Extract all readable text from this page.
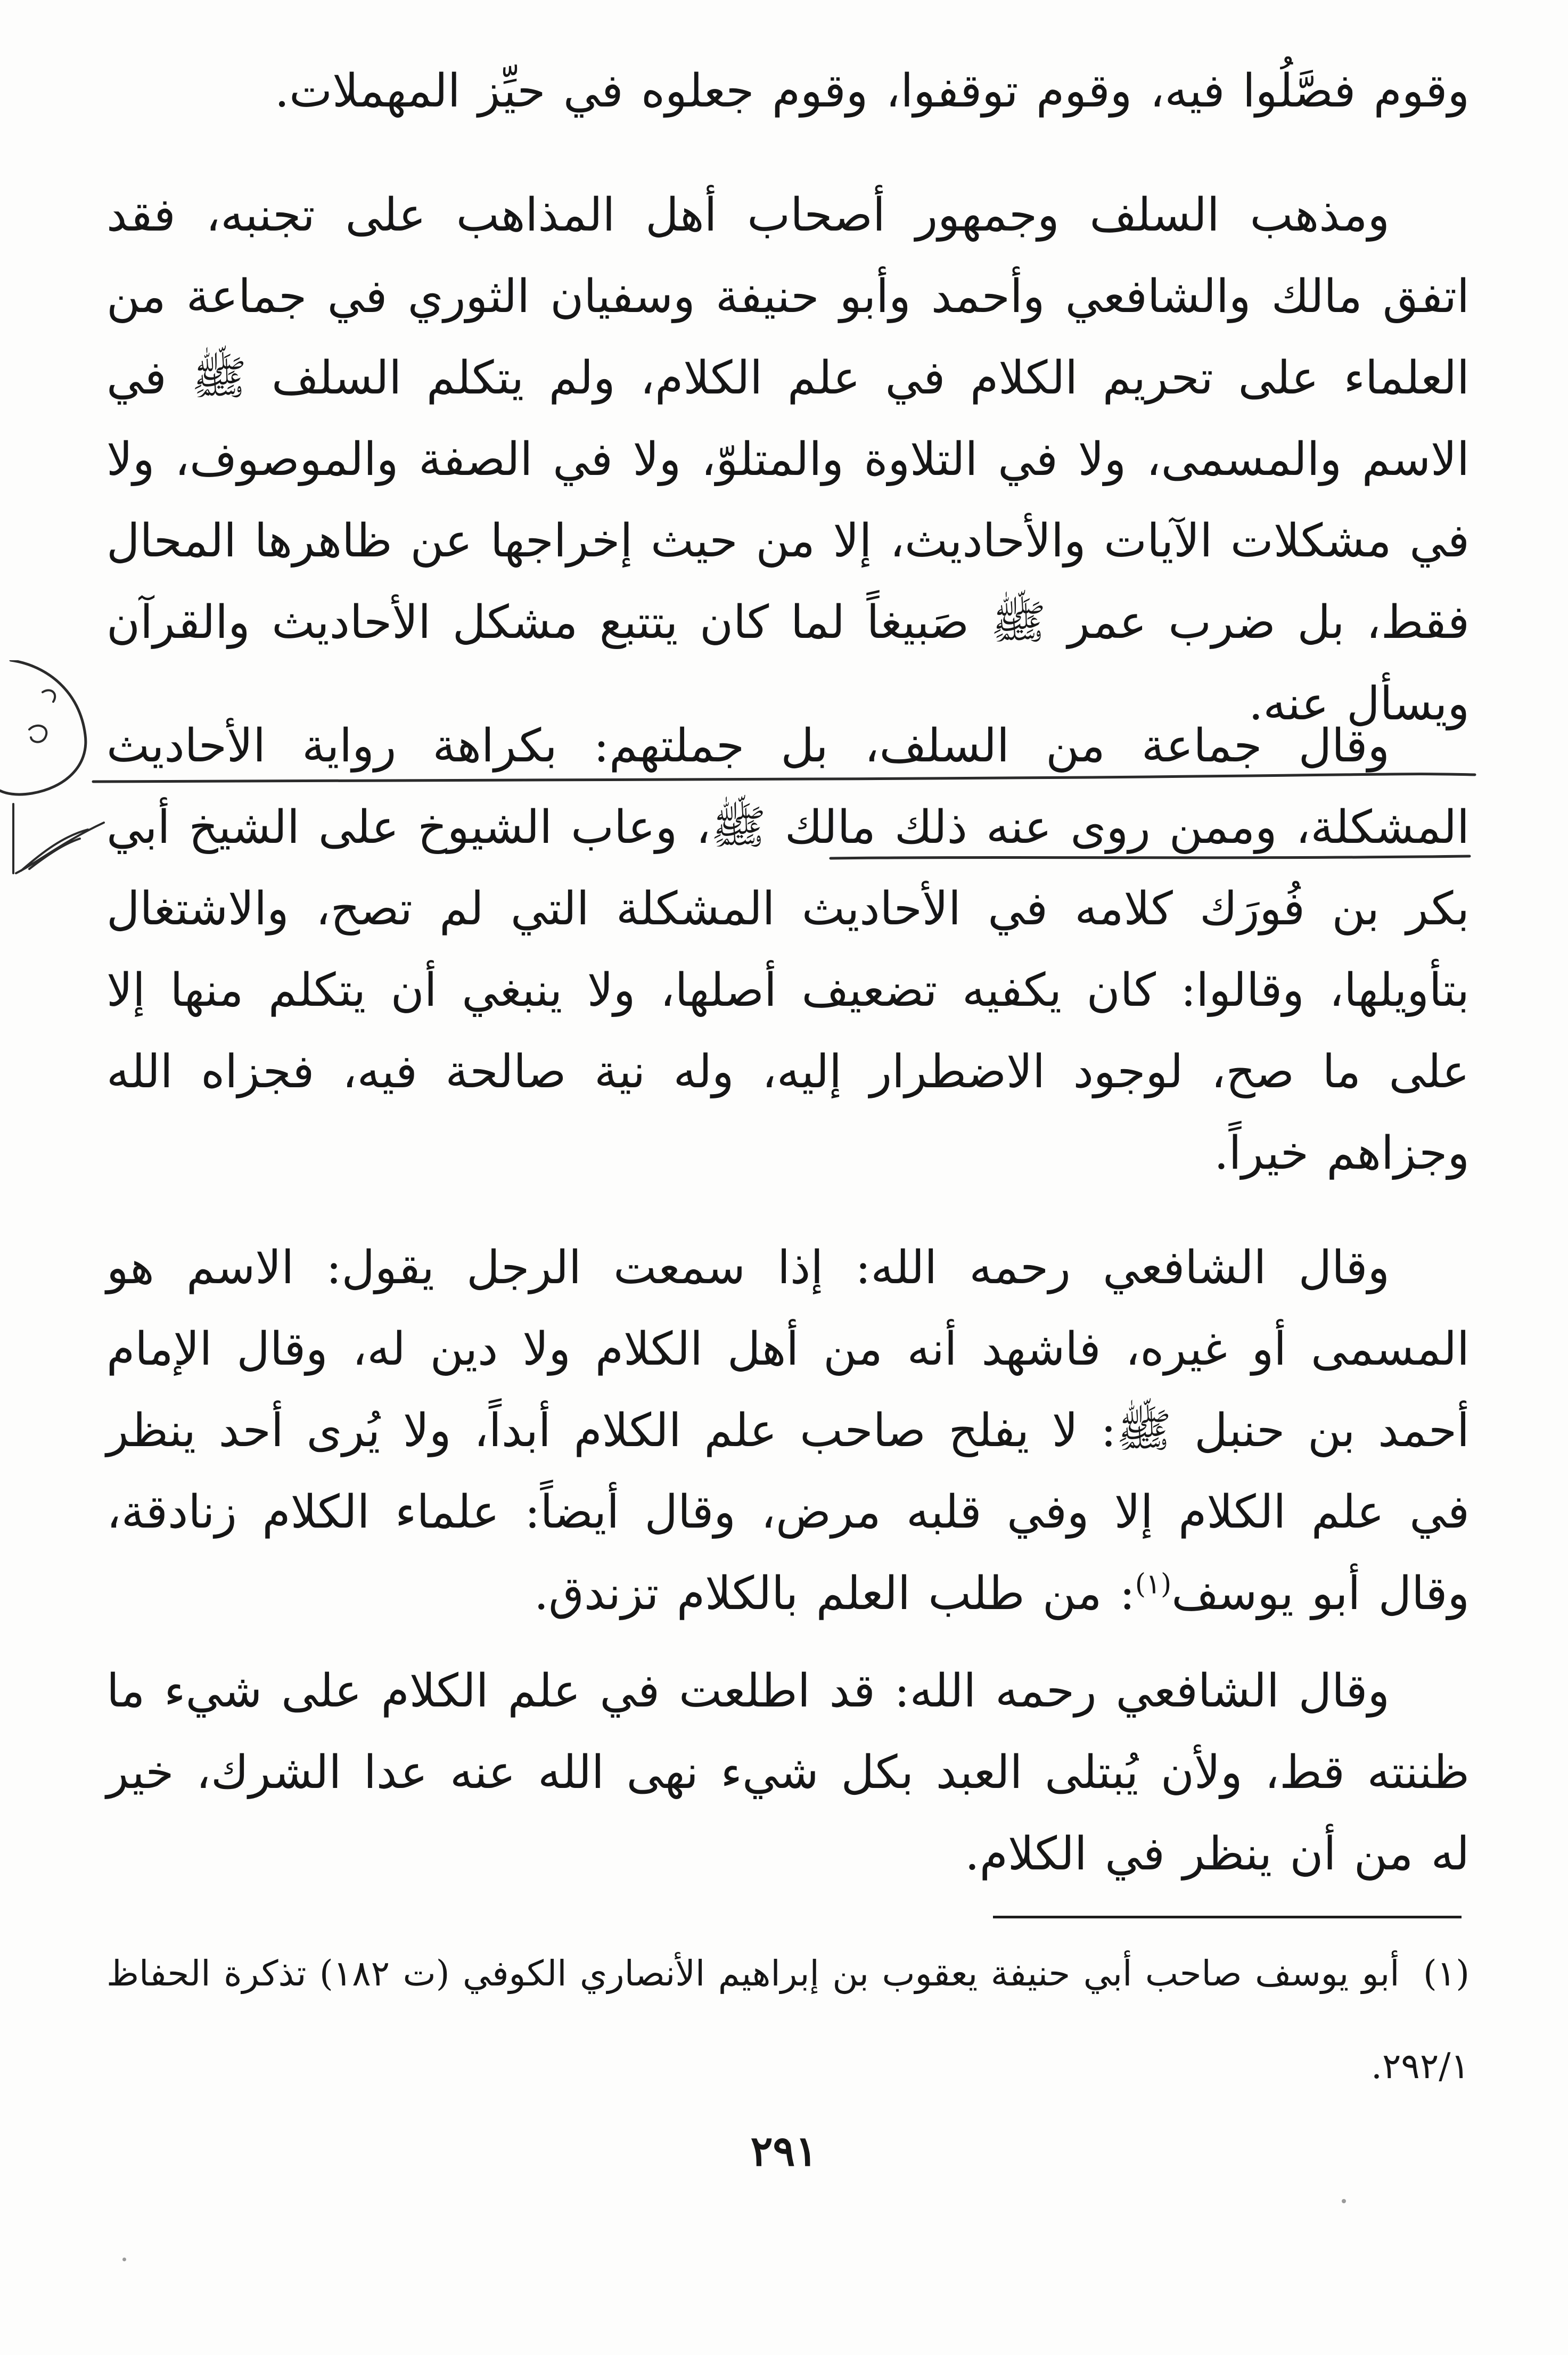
وقوم فصَّلُوا فيه، وقوم توقفوا، وقوم جعلوه في حيِّز المهملات.
ومذهب السلف وجمهور أصحاب أهل المذاهب على تجنبه، فقد اتفق مالك والشافعي وأحمد وأبو حنيفة وسفيان الثوري في جماعة من العلماء على تحريم الكلام في علم الكلام، ولم يتكلم السلف ﷺ في الاسم والمسمى، ولا في التلاوة والمتلوّ، ولا في الصفة والموصوف، ولا في مشكلات الآيات والأحاديث، إلا من حيث إخراجها عن ظاهرها المحال فقط، بل ضرب عمر ﷺ صَبيغاً لما كان يتتبع مشكل الأحاديث والقرآن ويسأل عنه.
وقال جماعة من السلف، بل جملتهم: بكراهة رواية الأحاديث المشكلة، وممن روى عنه ذلك مالك ﷺ، وعاب الشيوخ على الشيخ أبي بكر بن فُورَك كلامه في الأحاديث المشكلة التي لم تصح، والاشتغال بتأويلها، وقالوا: كان يكفيه تضعيف أصلها، ولا ينبغي أن يتكلم منها إلا على ما صح، لوجود الاضطرار إليه، وله نية صالحة فيه، فجزاه الله وجزاهم خيراً.
وقال الشافعي رحمه الله: إذا سمعت الرجل يقول: الاسم هو المسمى أو غيره، فاشهد أنه من أهل الكلام ولا دين له، وقال الإمام أحمد بن حنبل ﷺ: لا يفلح صاحب علم الكلام أبداً، ولا يُرى أحد ينظر في علم الكلام إلا وفي قلبه مرض، وقال أيضاً: علماء الكلام زنادقة، وقال أبو يوسف$^{(١)}$: من طلب العلم بالكلام تزندق.
وقال الشافعي رحمه الله: قد اطلعت في علم الكلام على شيء ما ظننته قط، ولأن يُبتلى العبد بكل شيء نهى الله عنه عدا الشرك، خير له من أن ينظر في الكلام.
(١) أبو يوسف صاحب أبي حنيفة يعقوب بن إبراهيم الأنصاري الكوفي (ت ١٨٢) تذكرة الحفاظ ٢٩٢/١.
٢٩١
